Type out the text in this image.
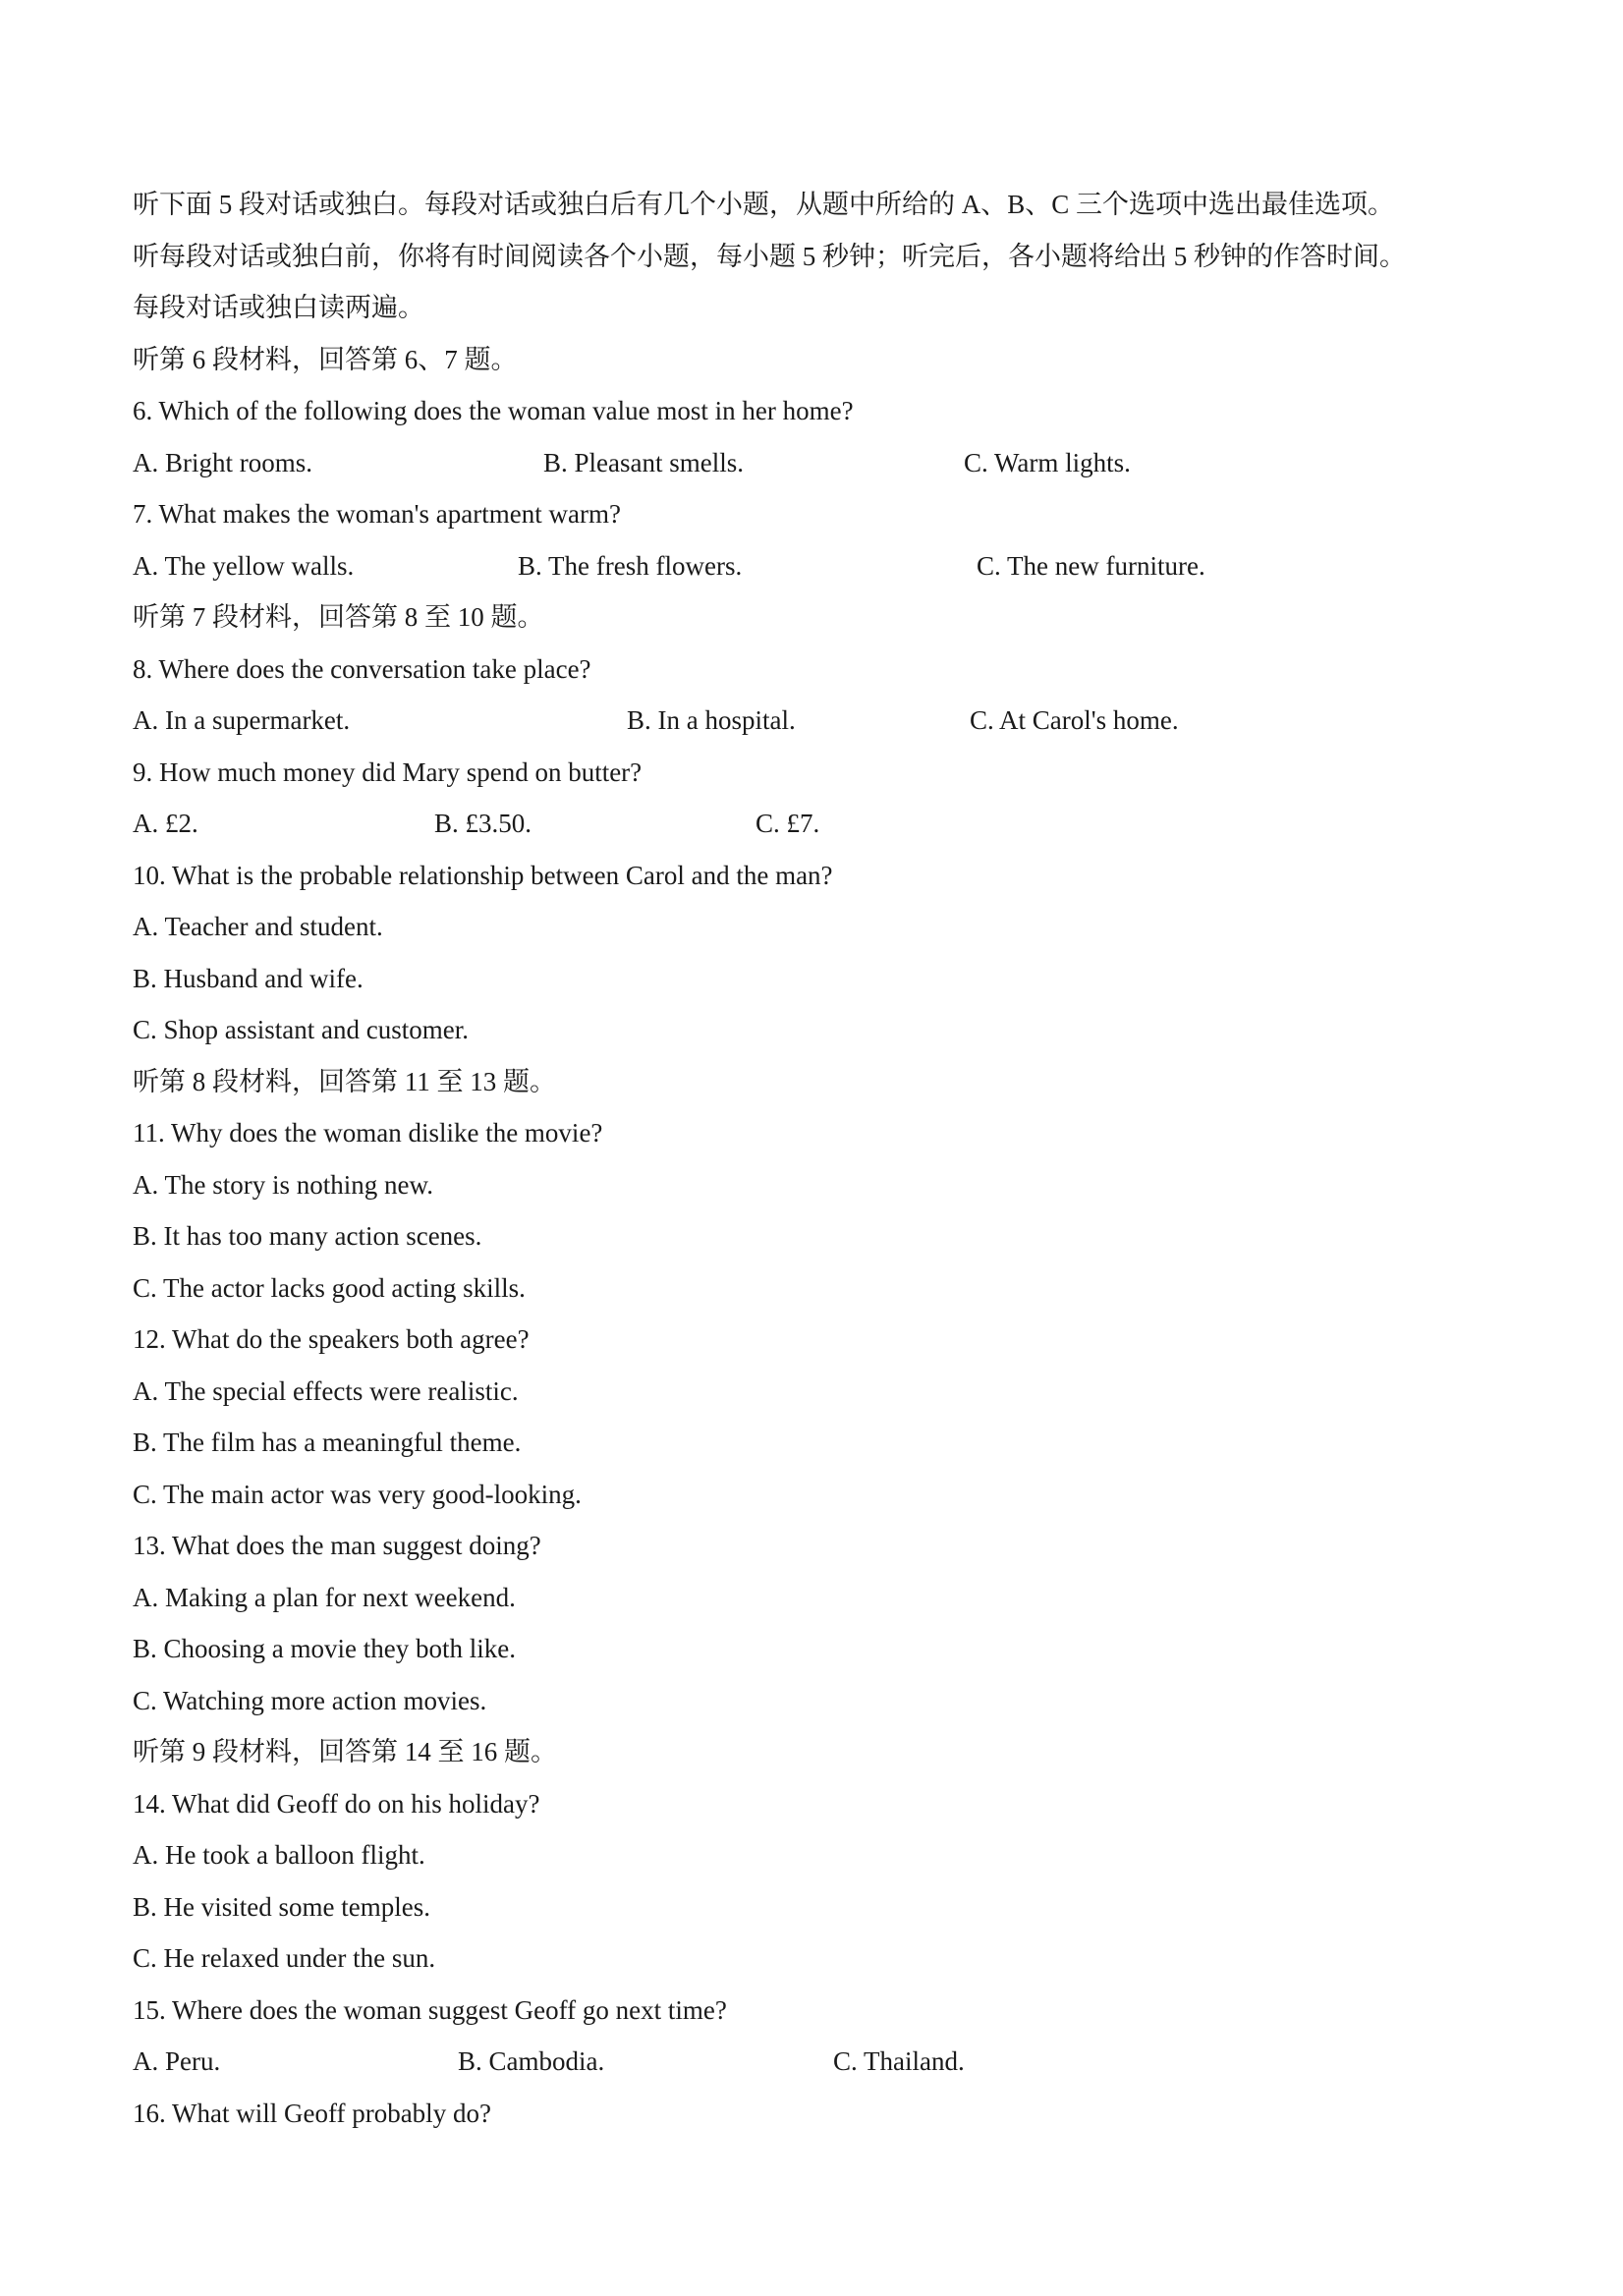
听下面 5 段对话或独白。每段对话或独白后有几个小题，从题中所给的 A、B、C 三个选项中选出最佳选项。
听每段对话或独白前，你将有时间阅读各个小题，每小题 5 秒钟；听完后，各小题将给出 5 秒钟的作答时间。
每段对话或独白读两遍。
听第 6 段材料，回答第 6、7 题。
6. Which of the following does the woman value most in her home?
A. Bright rooms.	B. Pleasant smells.	C. Warm lights.
7. What makes the woman's apartment warm?
A. The yellow walls.	B. The fresh flowers.	C. The new furniture.
听第 7 段材料，回答第 8 至 10 题。
8. Where does the conversation take place?
A. In a supermarket.	B. In a hospital.	C. At Carol's home.
9. How much money did Mary spend on butter?
A. £2.	B. £3.50.	C. £7.
10. What is the probable relationship between Carol and the man?
A. Teacher and student.
B. Husband and wife.
C. Shop assistant and customer.
听第 8 段材料，回答第 11 至 13 题。
11. Why does the woman dislike the movie?
A. The story is nothing new.
B. It has too many action scenes.
C. The actor lacks good acting skills.
12. What do the speakers both agree?
A. The special effects were realistic.
B. The film has a meaningful theme.
C. The main actor was very good-looking.
13. What does the man suggest doing?
A. Making a plan for next weekend.
B. Choosing a movie they both like.
C. Watching more action movies.
听第 9 段材料，回答第 14 至 16 题。
14. What did Geoff do on his holiday?
A. He took a balloon flight.
B. He visited some temples.
C. He relaxed under the sun.
15. Where does the woman suggest Geoff go next time?
A. Peru.	B. Cambodia.	C. Thailand.
16. What will Geoff probably do?
